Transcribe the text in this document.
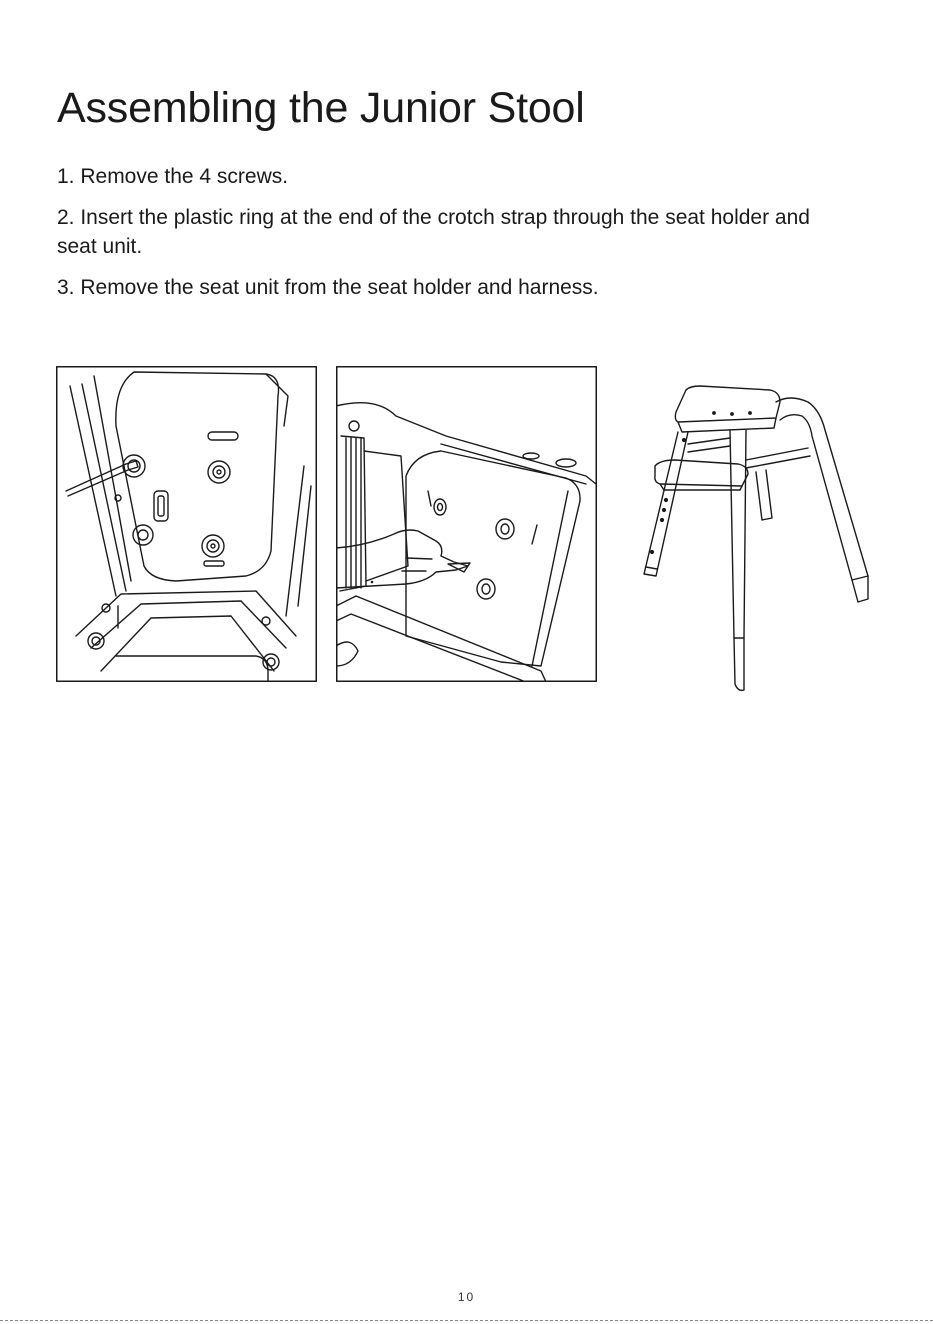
Assembling the Junior Stool

1. Remove the 4 screws.

2. Insert the plastic ring at the end of the crotch strap through the seat holder and seat unit.

3. Remove the seat unit from the seat holder and harness.

10
